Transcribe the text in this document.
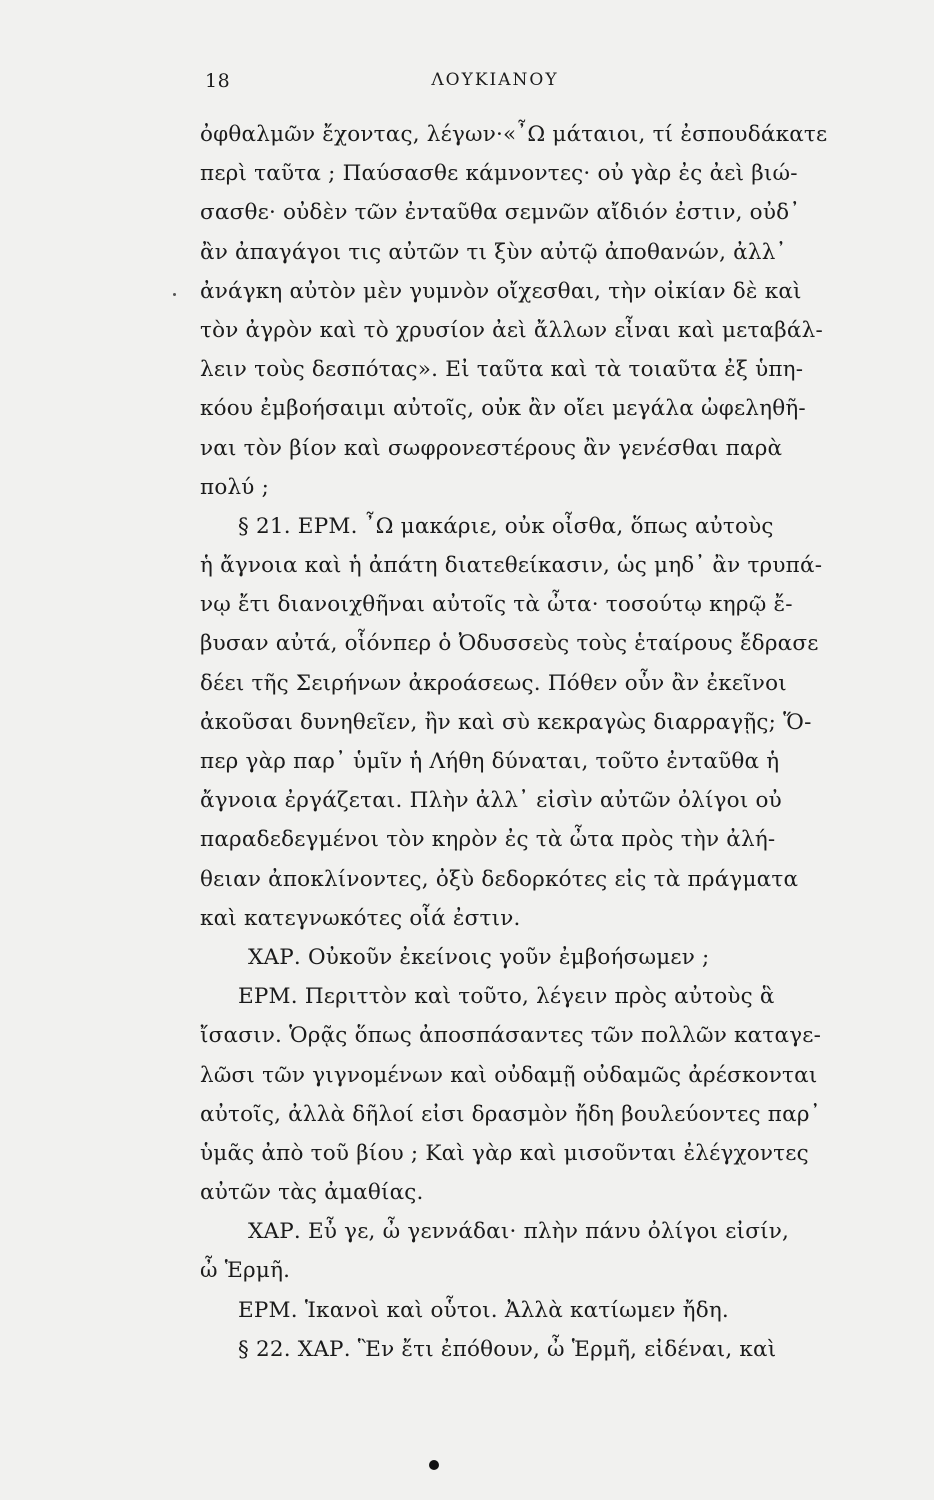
18	ΛΟΥΚΙΑΝΟΥ
ὀφθαλμῶν ἔχοντας, λέγων·«῏Ω μάταιοι, τί ἐσπουδάκατε
περὶ ταῦτα ; Παύσασθε κάμνοντες· οὐ γὰρ ἐς ἀεὶ βιώ-
σασθε· οὐδὲν τῶν ἐνταῦθα σεμνῶν αἴδιόν ἐστιν, οὐδ᾿
ἂν ἀπαγάγοι τις αὐτῶν τι ξὺν αὐτῷ ἀποθανών, ἀλλ᾿
ἀνάγκη αὐτὸν μὲν γυμνὸν οἴχεσθαι, τὴν οἰκίαν δὲ καὶ
τὸν ἀγρὸν καὶ τὸ χρυσίον ἀεὶ ἄλλων εἶναι καὶ μεταβάλ-
λειν τοὺς δεσπότας». Εἰ ταῦτα καὶ τὰ τοιαῦτα ἐξ ὑπη-
κόου ἐμβοήσαιμι αὐτοῖς, οὐκ ἂν οἴει μεγάλα ὠφεληθῆ-
ναι τὸν βίον καὶ σωφρονεστέρους ἂν γενέσθαι παρὰ
πολύ ;
§ 21. ΕΡΜ. ῏Ω μακάριε, οὐκ οἶσθα, ὅπως αὐτοὺς
ἡ ἄγνοια καὶ ἡ ἀπάτη διατεθείκασιν, ὡς μηδ᾿ ἂν τρυπά-
νῳ ἔτι διανοιχθῆναι αὐτοῖς τὰ ὦτα· τοσούτῳ κηρῷ ἔ-
βυσαν αὐτά, οἷόνπερ ὁ Ὀδυσσεὺς τοὺς ἑταίρους ἔδρασε
δέει τῆς Σειρήνων ἀκροάσεως. Πόθεν οὖν ἂν ἐκεῖνοι
ἀκοῦσαι δυνηθεῖεν, ἢν καὶ σὺ κεκραγὼς διαρραγῇς; Ὅ-
περ γὰρ παρ᾿ ὑμῖν ἡ Λήθη δύναται, τοῦτο ἐνταῦθα ἡ
ἄγνοια ἐργάζεται. Πλὴν ἀλλ᾿ εἰσὶν αὐτῶν ὀλίγοι οὐ
παραδεδεγμένοι τὸν κηρὸν ἐς τὰ ὦτα πρὸς τὴν ἀλή-
θειαν ἀποκλίνοντες, ὀξὺ δεδορκότες εἰς τὰ πράγματα
καὶ κατεγνωκότες οἷά ἐστιν.
ΧΑΡ. Οὐκοῦν ἐκείνοις γοῦν ἐμβοήσωμεν ;
ΕΡΜ. Περιττὸν καὶ τοῦτο, λέγειν πρὸς αὐτοὺς ἃ
ἴσασιν. Ὁρᾷς ὅπως ἀποσπάσαντες τῶν πολλῶν καταγε-
λῶσι τῶν γιγνομένων καὶ οὐδαμῇ οὐδαμῶς ἀρέσκονται
αὐτοῖς, ἀλλὰ δῆλοί εἰσι δρασμὸν ἤδη βουλεύοντες παρ᾿
ὑμᾶς ἀπὸ τοῦ βίου ; Καὶ γὰρ καὶ μισοῦνται ἐλέγχοντες
αὐτῶν τὰς ἀμαθίας.
ΧΑΡ. Εὖ γε, ὦ γεννάδαι· πλὴν πάνυ ὀλίγοι εἰσίν,
ὦ Ἑρμῆ.
ΕΡΜ. Ἱκανοὶ καὶ οὗτοι. Ἀλλὰ κατίωμεν ἤδη.
§ 22. ΧΑΡ. Ἓν ἔτι ἐπόθουν, ὦ Ἑρμῆ, εἰδέναι, καὶ
